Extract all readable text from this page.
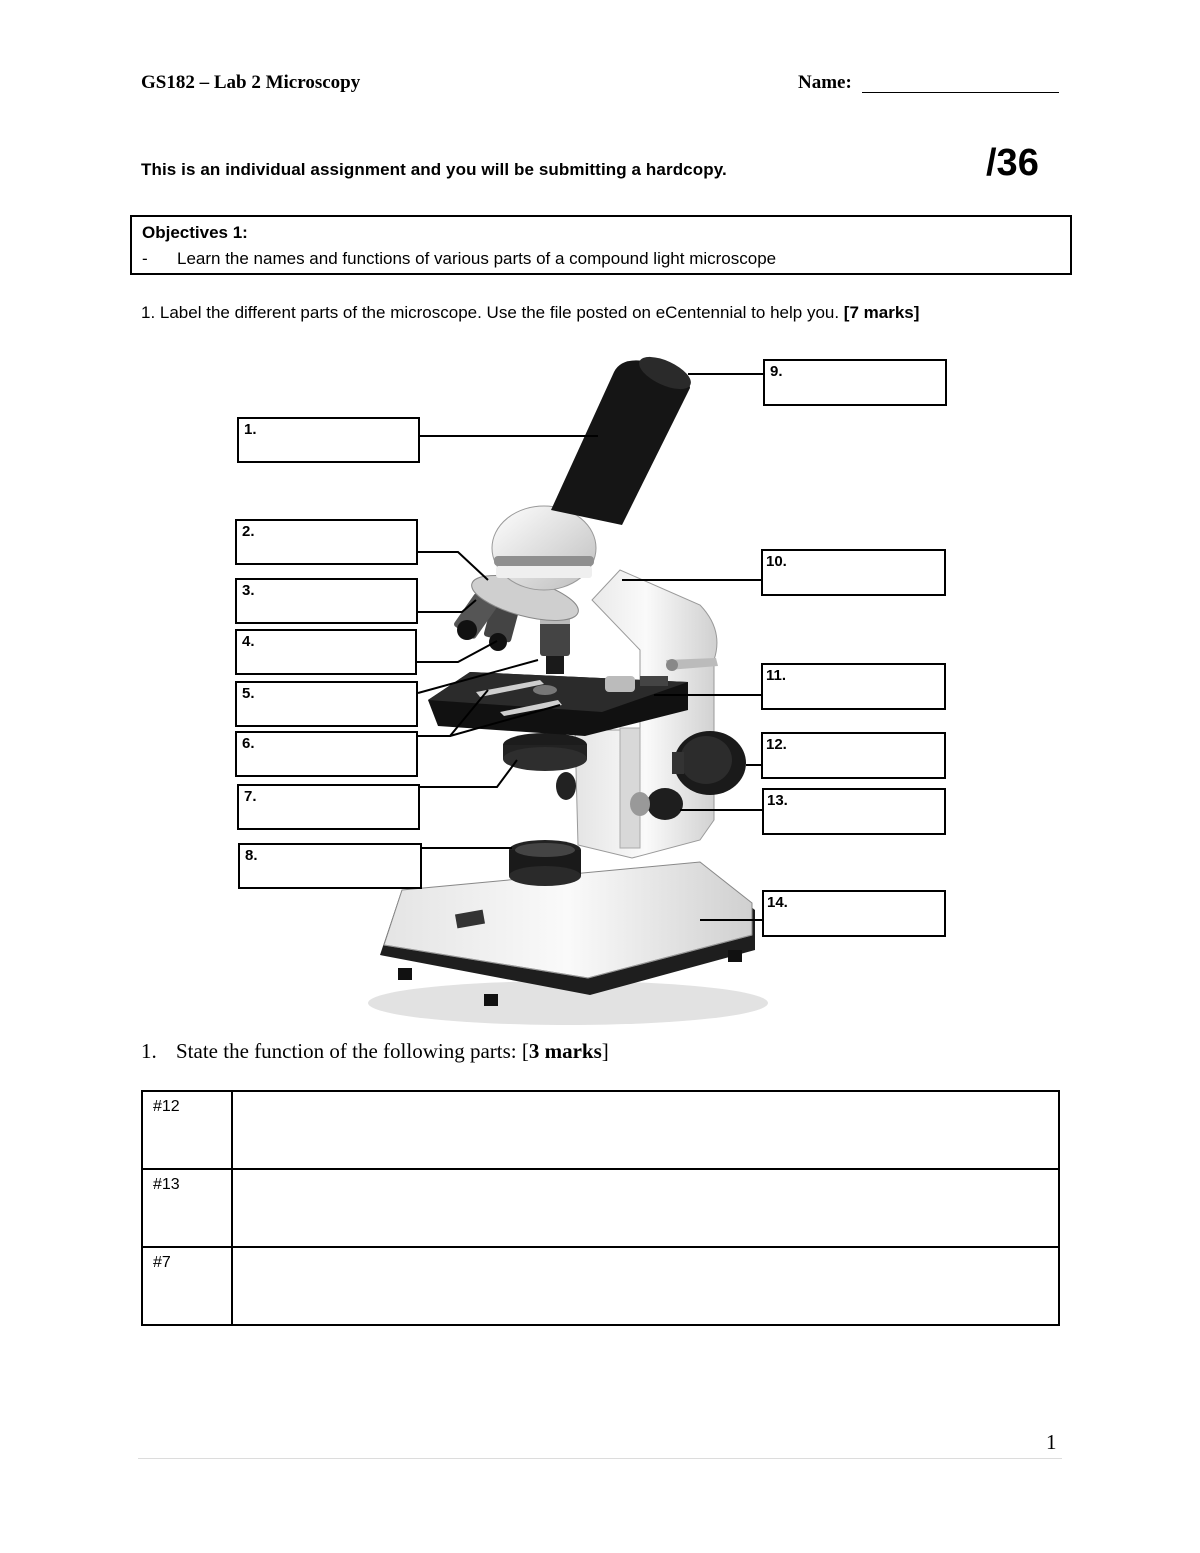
GS182 – Lab 2 Microscopy	Name:
This is an individual assignment and you will be submitting a hardcopy.	/36
Objectives 1:
- Learn the names and functions of various parts of a compound light microscope
1. Label the different parts of the microscope. Use the file posted on eCentennial to help you. [7 marks]
1.
2.
3.
4.
5.
6.
7.
8.
9.
10.
11.
12.
13.
14.
1. State the function of the following parts: [3 marks]
#12	
#13	
#7	
1
